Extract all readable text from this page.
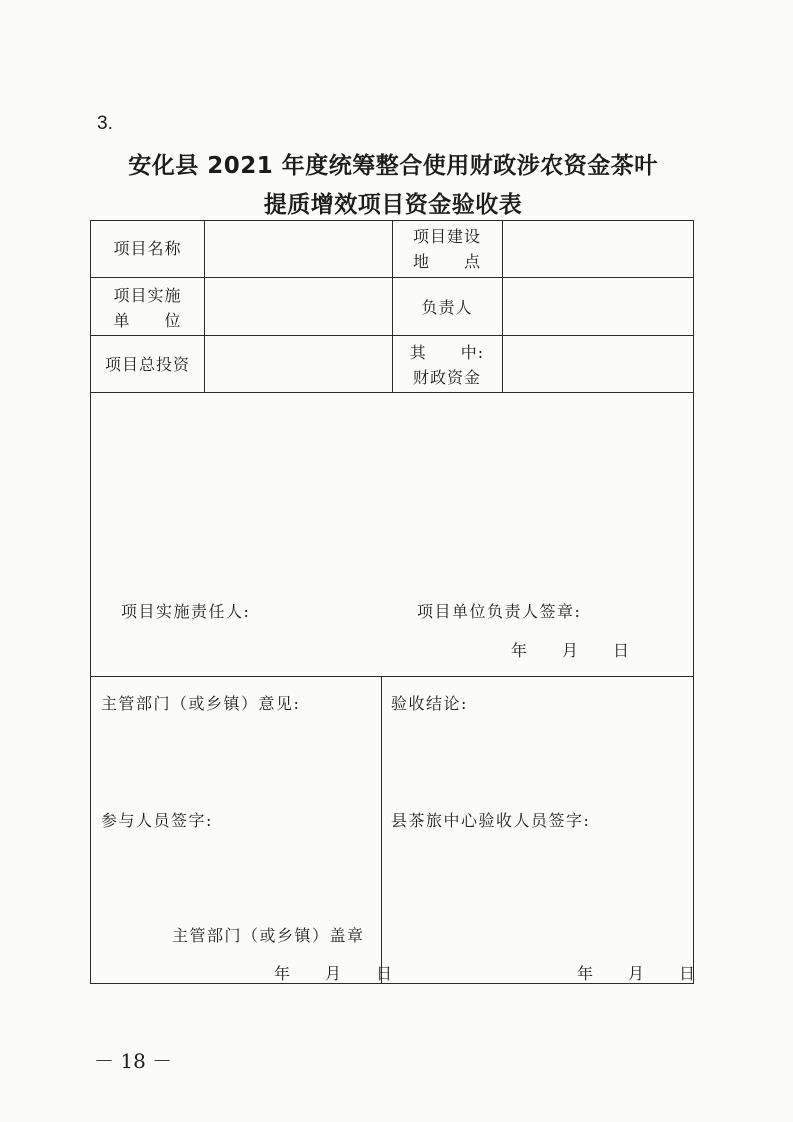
3.
安化县 2021 年度统筹整合使用财政涉农资金茶叶
提质增效项目资金验收表
项目名称
项目建设
地　　点
项目实施
单　　位
负责人
项目总投资
其　　中:
财政资金
项目实施责任人:	项目单位负责人签章:
年　　月　　日
主管部门（或乡镇）意见:
参与人员签字:
主管部门（或乡镇）盖章
年　　月　　日
验收结论:
县茶旅中心验收人员签字:
年　　月　　日
－ 18 －
